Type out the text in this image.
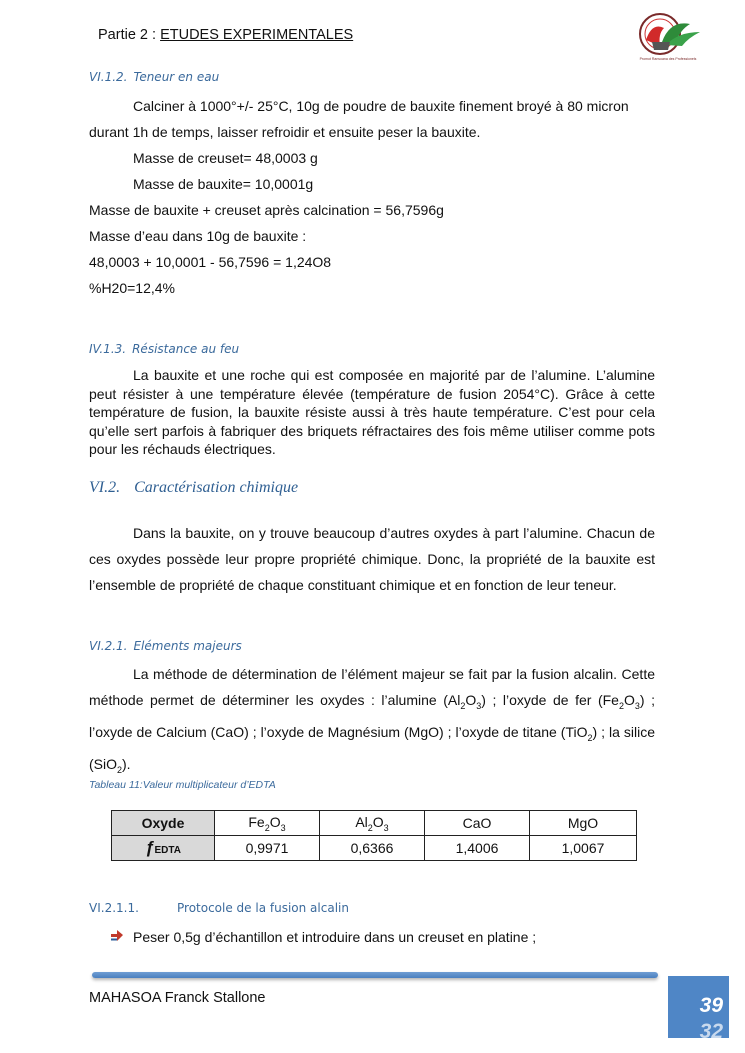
Partie 2 : ETUDES EXPERIMENTALES
Promot Ransoana des Professionels
VI.1.2. Teneur en eau
Calciner à 1000°+/- 25°C, 10g de poudre de bauxite finement broyé à 80 micron
durant 1h de temps, laisser refroidir et ensuite peser la bauxite.
Masse de creuset= 48,0003 g
Masse de bauxite= 10,0001g
Masse de bauxite + creuset après calcination = 56,7596g
Masse d’eau dans 10g de bauxite :
48,0003 + 10,0001 - 56,7596 = 1,24O8
%H20=12,4%
IV.1.3. Résistance au feu
La bauxite et une roche qui est composée en majorité par de l’alumine. L’alumine peut résister à une température élevée (température de fusion 2054°C). Grâce à cette température de fusion, la bauxite résiste aussi à très haute température. C’est pour cela qu’elle sert parfois à fabriquer des briquets réfractaires des fois même utiliser comme pots pour les réchauds électriques.
VI.2. Caractérisation chimique
Dans la bauxite, on y trouve beaucoup d’autres oxydes à part l’alumine. Chacun de ces oxydes possède leur propre propriété chimique. Donc, la propriété de la bauxite est l’ensemble de propriété de chaque constituant chimique et en fonction de leur teneur.
VI.2.1. Eléments majeurs
La méthode de détermination de l’élément majeur se fait par la fusion alcalin. Cette méthode permet de déterminer les oxydes : l’alumine $(Al_2O_3)$ ; l’oxyde de fer $(Fe_2O_3)$ ; l’oxyde de Calcium (CaO) ; l’oxyde de Magnésium (MgO) ; l’oxyde de titane (TiO$_2$) ; la silice (SiO$_2$).
Tableau 11:Valeur multiplicateur d’EDTA
Oxyde	$Fe_2O_3$	$Al_2O_3$	CaO	MgO
ƒEDTA	0,9971	0,6366	1,4006	1,0067
VI.2.1.1.	Protocole de la fusion alcalin
Peser 0,5g d’échantillon et introduire dans un creuset en platine ;
MAHASOA Franck Stallone	39
32
